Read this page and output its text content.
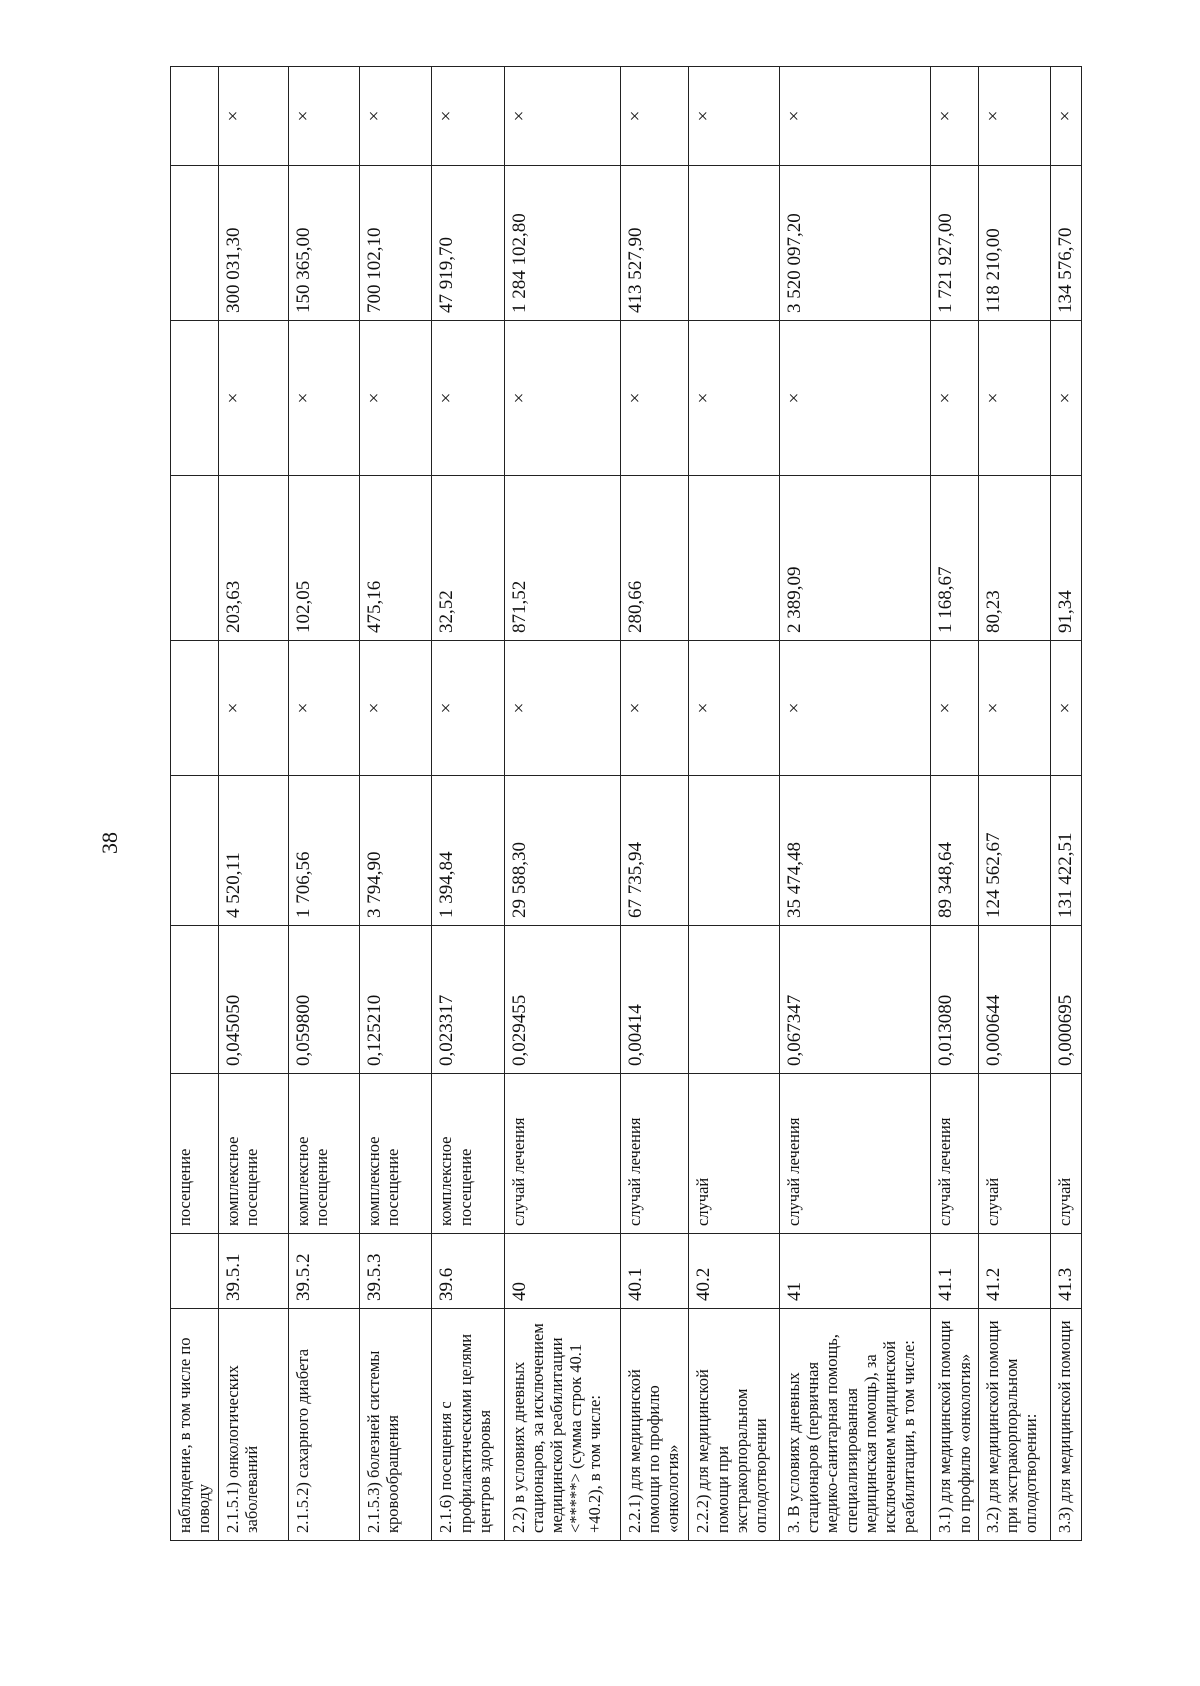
38
наблюдение, в том числе по поводу		посещение							
2.1.5.1) онкологических заболеваний	39.5.1	комплексное посещение	0,045050	4 520,11	×	203,63	×	300 031,30	×
2.1.5.2) сахарного диабета	39.5.2	комплексное посещение	0,059800	1 706,56	×	102,05	×	150 365,00	×
2.1.5.3) болезней системы кровообращения	39.5.3	комплексное посещение	0,125210	3 794,90	×	475,16	×	700 102,10	×
2.1.6) посещения с профилактическими целями центров здоровья	39.6	комплексное посещение	0,023317	1 394,84	×	32,52	×	47 919,70	×
2.2) в условиях дневных стационаров, за исключением медицинской реабилитации <*****> (сумма строк 40.1 +40.2), в том числе:	40	случай лечения	0,029455	29 588,30	×	871,52	×	1 284 102,80	×
2.2.1) для медицинской помощи по профилю «онкология»	40.1	случай лечения	0,00414	67 735,94	×	280,66	×	413 527,90	×
2.2.2) для медицинской помощи при экстракорпоральном оплодотворении	40.2	случай			×		×		×
3. В условиях дневных стационаров (первичная медико-санитарная помощь, специализированная медицинская помощь), за исключением медицинской реабилитации, в том числе:	41	случай лечения	0,067347	35 474,48	×	2 389,09	×	3 520 097,20	×
3.1) для медицинской помощи по профилю «онкология»	41.1	случай лечения	0,013080	89 348,64	×	1 168,67	×	1 721 927,00	×
3.2) для медицинской помощи при экстракорпоральном оплодотворении:	41.2	случай	0,000644	124 562,67	×	80,23	×	118 210,00	×
3.3) для медицинской помощи	41.3	случай	0,000695	131 422,51	×	91,34	×	134 576,70	×
